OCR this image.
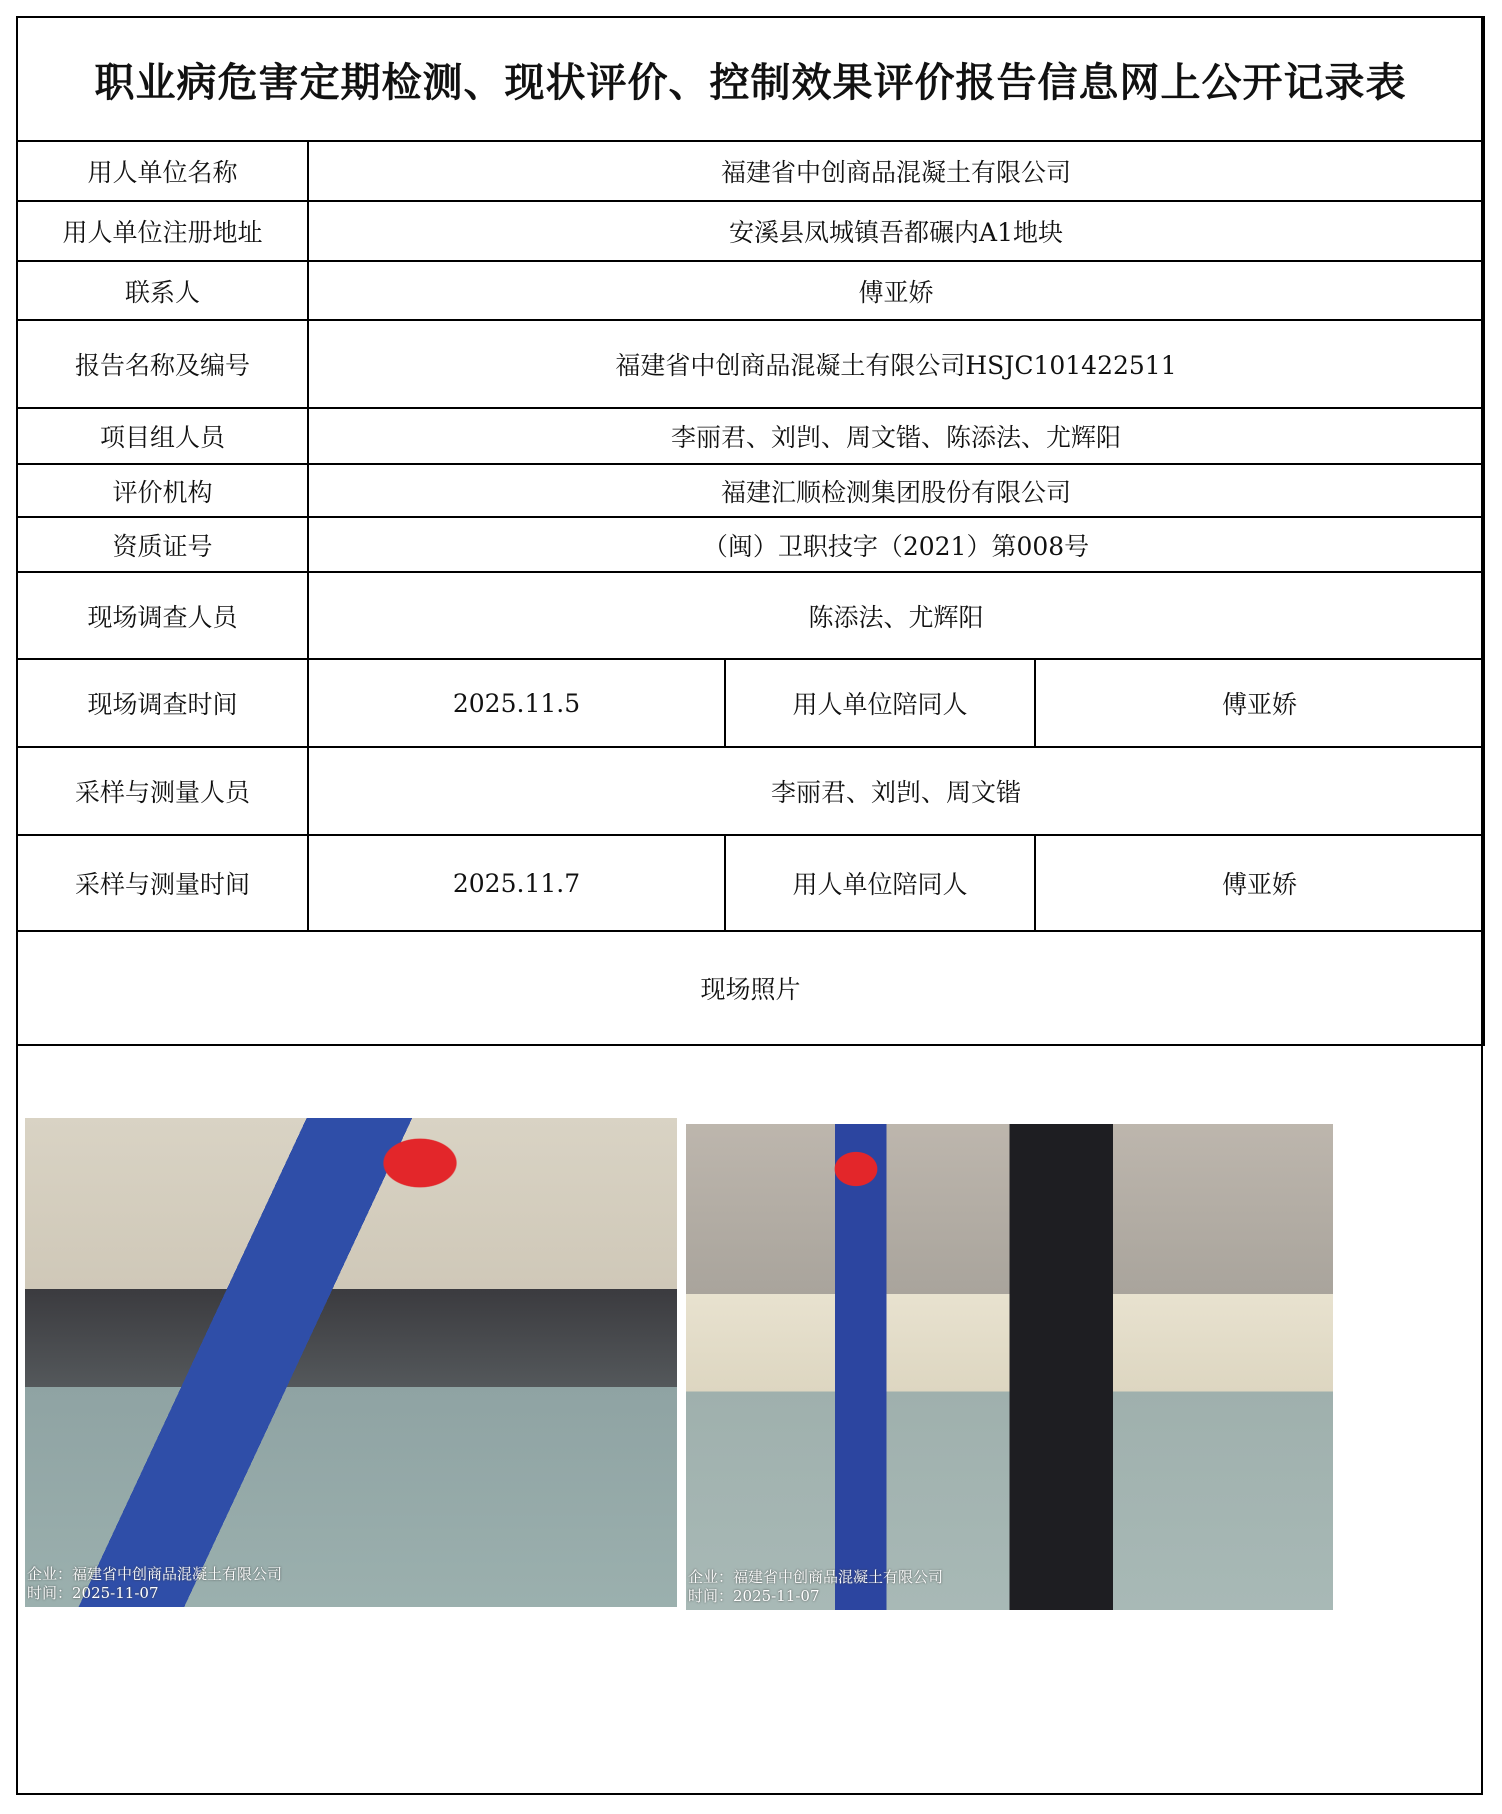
职业病危害定期检测、现状评价、控制效果评价报告信息网上公开记录表			
用人单位名称	福建省中创商品混凝土有限公司		
用人单位注册地址	安溪县凤城镇吾都碾内A1地块		
联系人	傅亚娇		
报告名称及编号	福建省中创商品混凝土有限公司HSJC101422511		
项目组人员	李丽君、刘剀、周文锴、陈添法、尤辉阳		
评价机构	福建汇顺检测集团股份有限公司		
资质证号	（闽）卫职技字（2021）第008号		
现场调查人员	陈添法、尤辉阳		
现场调查时间	2025.11.5	用人单位陪同人	傅亚娇
采样与测量人员	李丽君、刘剀、周文锴		
采样与测量时间	2025.11.7	用人单位陪同人	傅亚娇
现场照片			
企业：福建省中创商品混凝土有限公司
时间：2025-11-07
企业：福建省中创商品混凝土有限公司
时间：2025-11-07
